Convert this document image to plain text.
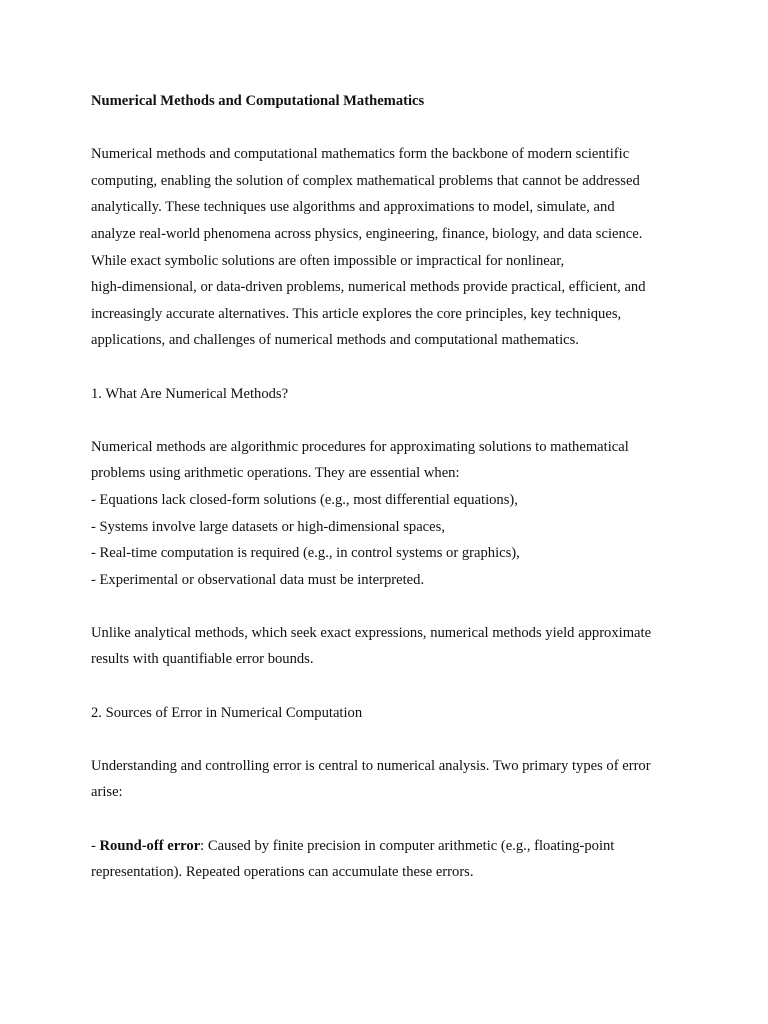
Numerical Methods and Computational Mathematics
Numerical methods and computational mathematics form the backbone of modern scientific
computing, enabling the solution of complex mathematical problems that cannot be addressed
analytically. These techniques use algorithms and approximations to model, simulate, and
analyze real-world phenomena across physics, engineering, finance, biology, and data science.
While exact symbolic solutions are often impossible or impractical for nonlinear,
high-dimensional, or data-driven problems, numerical methods provide practical, efficient, and
increasingly accurate alternatives. This article explores the core principles, key techniques,
applications, and challenges of numerical methods and computational mathematics.
1. What Are Numerical Methods?
Numerical methods are algorithmic procedures for approximating solutions to mathematical
problems using arithmetic operations. They are essential when:
- Equations lack closed-form solutions (e.g., most differential equations),
- Systems involve large datasets or high-dimensional spaces,
- Real-time computation is required (e.g., in control systems or graphics),
- Experimental or observational data must be interpreted.
Unlike analytical methods, which seek exact expressions, numerical methods yield approximate
results with quantifiable error bounds.
2. Sources of Error in Numerical Computation
Understanding and controlling error is central to numerical analysis. Two primary types of error
arise:
- Round-off error: Caused by finite precision in computer arithmetic (e.g., floating-point
representation). Repeated operations can accumulate these errors.
